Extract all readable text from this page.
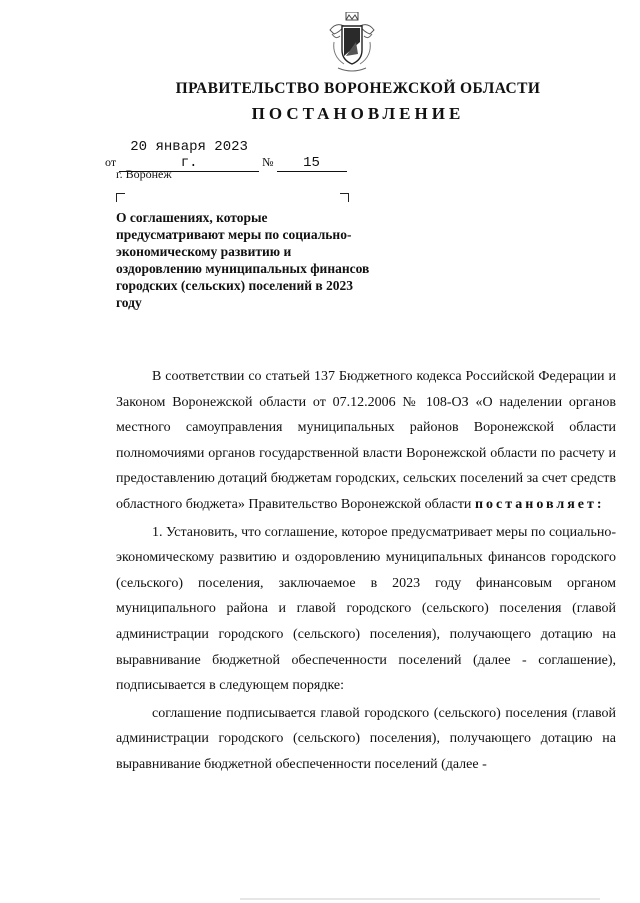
ПРАВИТЕЛЬСТВО ВОРОНЕЖСКОЙ ОБЛАСТИ
ПОСТАНОВЛЕНИЕ
от 20 января 2023 г.	№ 15
г. Воронеж
О соглашениях, которые предусматривают меры по социально-экономическому развитию и оздоровлению муниципальных финансов городских (сельских) поселений в 2023 году

В соответствии со статьей 137 Бюджетного кодекса Российской Федерации и Законом Воронежской области от 07.12.2006 № 108-ОЗ «О наделении органов местного самоуправления муниципальных районов Воронежской области полномочиями органов государственной власти Воронежской области по расчету и предоставлению дотаций бюджетам городских, сельских поселений за счет средств областного бюджета» Правительство Воронежской области постановляет:

1. Установить, что соглашение, которое предусматривает меры по социально-экономическому развитию и оздоровлению муниципальных финансов городского (сельского) поселения, заключаемое в 2023 году финансовым органом муниципального района и главой городского (сельского) поселения (главой администрации городского (сельского) поселения), получающего дотацию на выравнивание бюджетной обеспеченности поселений (далее - соглашение), подписывается в следующем порядке:

соглашение подписывается главой городского (сельского) поселения (главой администрации городского (сельского) поселения), получающего дотацию на выравнивание бюджетной обеспеченности поселений (далее -
